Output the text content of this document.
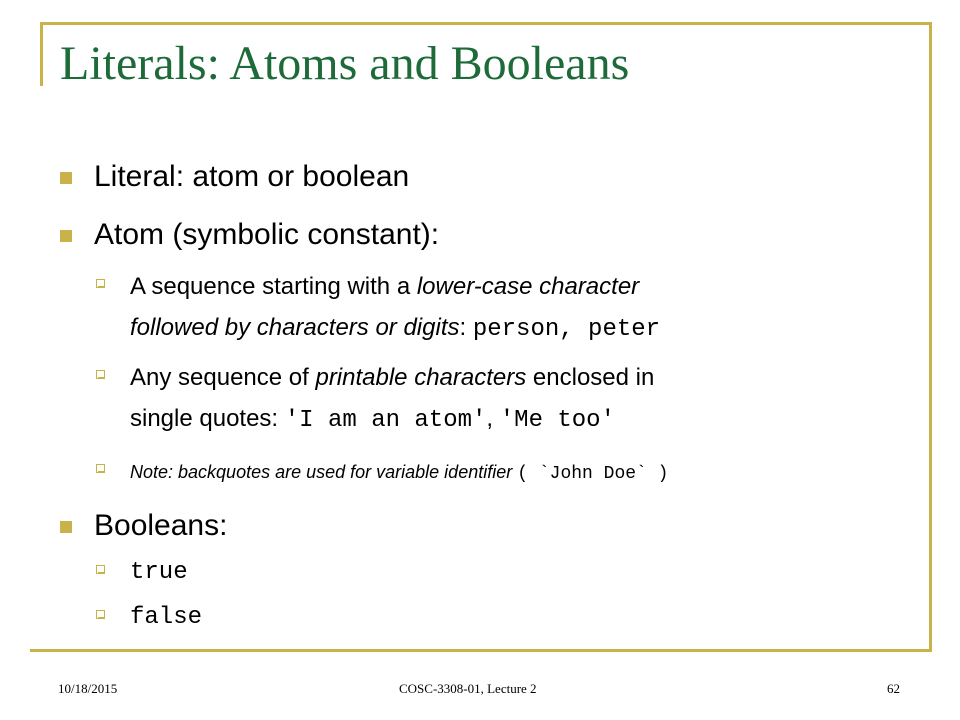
Literals: Atoms and Booleans
Literal: atom or boolean
Atom (symbolic constant):
A sequence starting with a lower-case character
followed by characters or digits: person, peter
Any sequence of printable characters enclosed in
single quotes: 'I am an atom', 'Me too'
Note: backquotes are used for variable identifier ( `John Doe` )
Booleans:
true
false
10/18/2015	COSC-3308-01, Lecture 2	62
